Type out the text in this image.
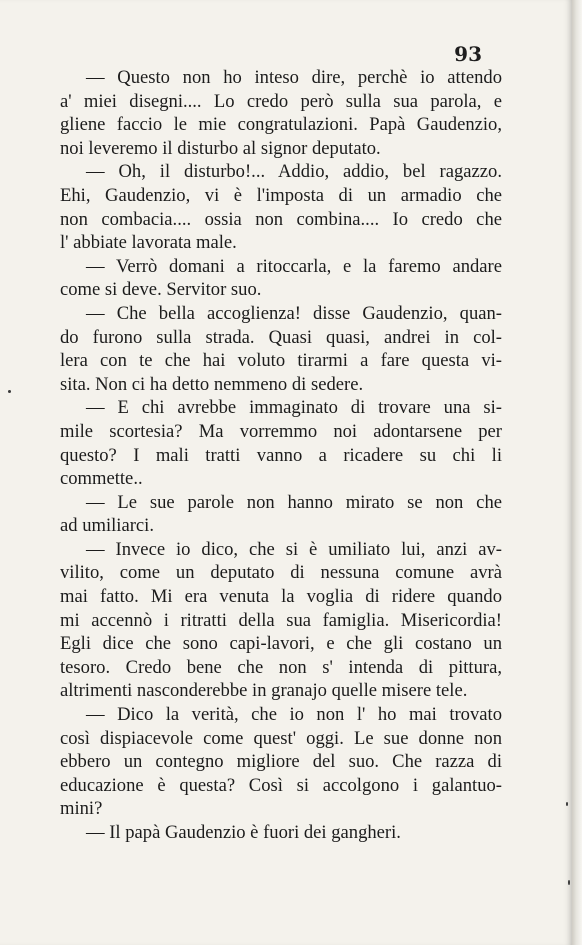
93

— Questo non ho inteso dire, perchè io attendo
a' miei disegni.... Lo credo però sulla sua parola, e
gliene faccio le mie congratulazioni. Papà Gaudenzio,
noi leveremo il disturbo al signor deputato.

— Oh, il disturbo!... Addio, addio, bel ragazzo.
Ehi, Gaudenzio, vi è l'imposta di un armadio che
non combacia.... ossia non combina.... Io credo che
l' abbiate lavorata male.

— Verrò domani a ritoccarla, e la faremo andare
come si deve. Servitor suo.

— Che bella accoglienza! disse Gaudenzio, quan-
do furono sulla strada. Quasi quasi, andrei in col-
lera con te che hai voluto tirarmi a fare questa vi-
sita. Non ci ha detto nemmeno di sedere.

— E chi avrebbe immaginato di trovare una si-
mile scortesia? Ma vorremmo noi adontarsene per
questo? I mali tratti vanno a ricadere su chi li
commette..

— Le sue parole non hanno mirato se non che
ad umiliarci.

— Invece io dico, che si è umiliato lui, anzi av-
vilito, come un deputato di nessuna comune avrà
mai fatto. Mi era venuta la voglia di ridere quando
mi accennò i ritratti della sua famiglia. Misericordia!
Egli dice che sono capi-lavori, e che gli costano un
tesoro. Credo bene che non s' intenda di pittura,
altrimenti nasconderebbe in granajo quelle misere tele.

— Dico la verità, che io non l' ho mai trovato
così dispiacevole come quest' oggi. Le sue donne non
ebbero un contegno migliore del suo. Che razza di
educazione è questa? Così si accolgono i galantuo-
mini?

— Il papà Gaudenzio è fuori dei gangheri.
